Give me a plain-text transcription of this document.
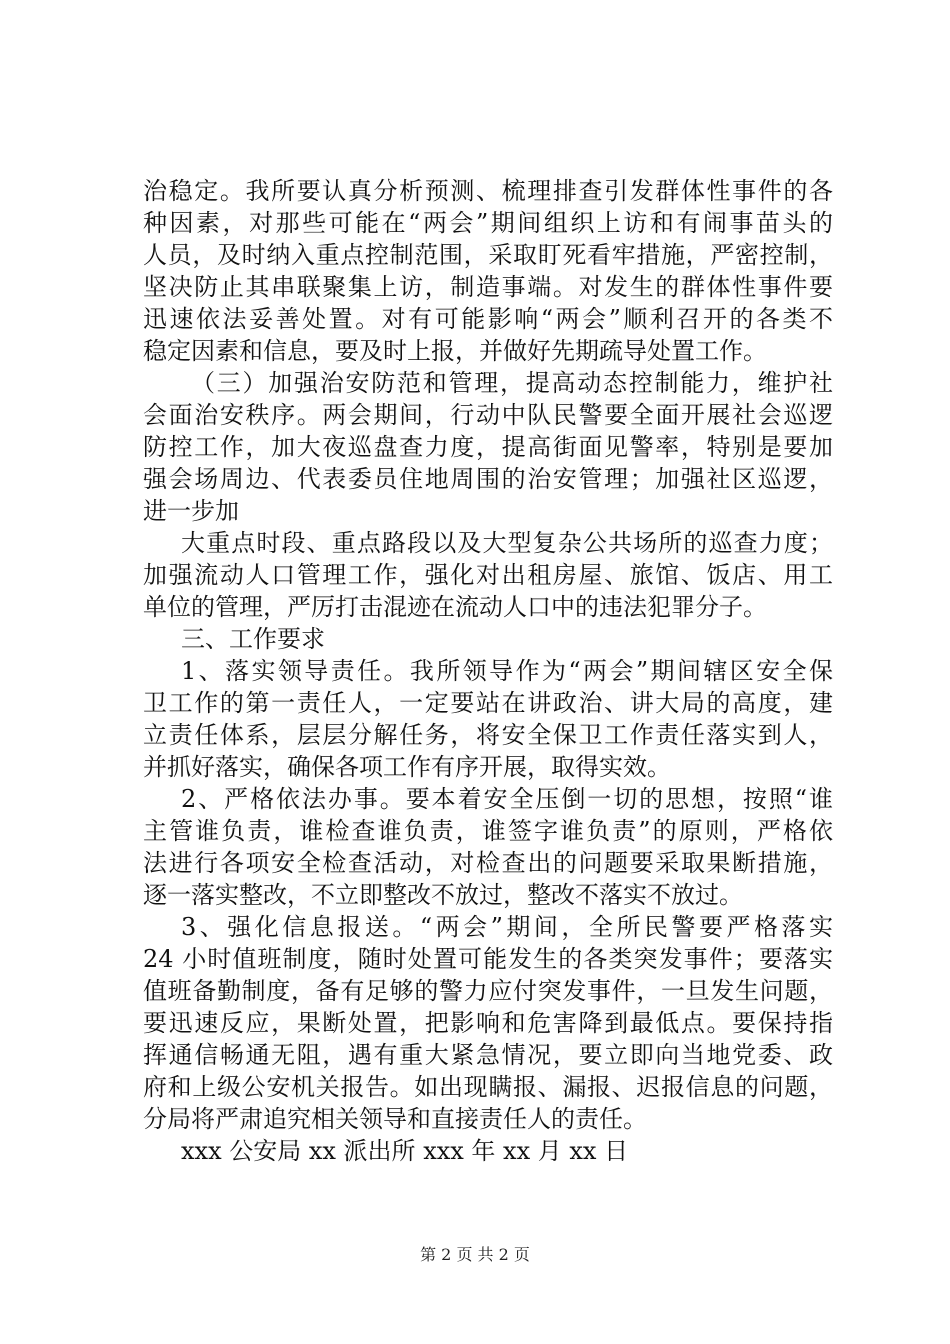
治稳定。我所要认真分析预测、梳理排查引发群体性事件的各
种因素，对那些可能在“两会”期间组织上访和有闹事苗头的
人员，及时纳入重点控制范围，采取盯死看牢措施，严密控制，
坚决防止其串联聚集上访，制造事端。对发生的群体性事件要
迅速依法妥善处置。对有可能影响“两会”顺利召开的各类不
稳定因素和信息，要及时上报，并做好先期疏导处置工作。
（三）加强治安防范和管理，提高动态控制能力，维护社
会面治安秩序。两会期间，行动中队民警要全面开展社会巡逻
防控工作，加大夜巡盘查力度，提高街面见警率，特别是要加
强会场周边、代表委员住地周围的治安管理；加强社区巡逻，
进一步加
大重点时段、重点路段以及大型复杂公共场所的巡查力度；
加强流动人口管理工作，强化对出租房屋、旅馆、饭店、用工
单位的管理，严厉打击混迹在流动人口中的违法犯罪分子。
三、工作要求
1、落实领导责任。我所领导作为“两会”期间辖区安全保
卫工作的第一责任人，一定要站在讲政治、讲大局的高度，建
立责任体系，层层分解任务，将安全保卫工作责任落实到人，
并抓好落实，确保各项工作有序开展，取得实效。
2、严格依法办事。要本着安全压倒一切的思想，按照“谁
主管谁负责，谁检查谁负责，谁签字谁负责”的原则，严格依
法进行各项安全检查活动，对检查出的问题要采取果断措施，
逐一落实整改，不立即整改不放过，整改不落实不放过。
3、强化信息报送。“两会”期间，全所民警要严格落实
24 小时值班制度，随时处置可能发生的各类突发事件；要落实
值班备勤制度，备有足够的警力应付突发事件，一旦发生问题，
要迅速反应，果断处置，把影响和危害降到最低点。要保持指
挥通信畅通无阻，遇有重大紧急情况，要立即向当地党委、政
府和上级公安机关报告。如出现瞒报、漏报、迟报信息的问题，
分局将严肃追究相关领导和直接责任人的责任。
xxx 公安局 xx 派出所 xxx 年 xx 月 xx 日
第 2 页 共 2 页
